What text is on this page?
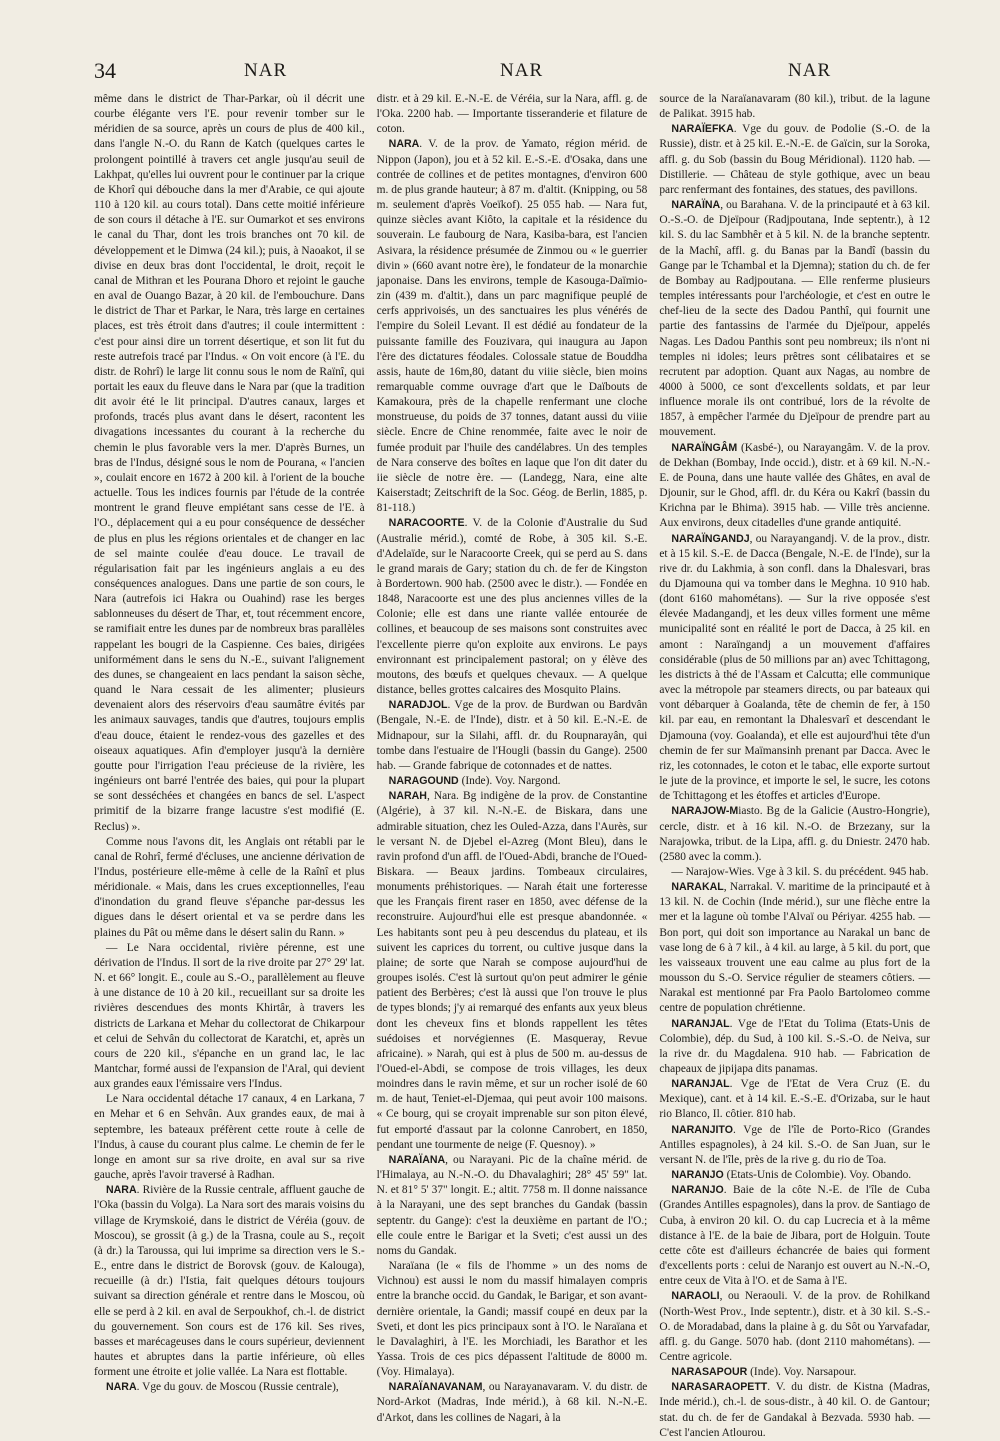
34	NAR	NAR	NAR

même dans le district de Thar-Parkar, où il décrit une courbe élégante vers l'E. pour revenir tomber sur le méridien de sa source, après un cours de plus de 400 kil., dans l'angle N.-O. du Rann de Katch (quelques cartes le prolongent pointillé à travers cet angle jusqu'au seuil de Lakhpat, qu'elles lui ouvrent pour le continuer par la crique de Khorî qui débouche dans la mer d'Arabie, ce qui ajoute 110 à 120 kil. au cours total). Dans cette moitié inférieure de son cours il détache à l'E. sur Oumarkot et ses environs le canal du Thar, dont les trois branches ont 70 kil. de développement et le Dimwa (24 kil.); puis, à Naoakot, il se divise en deux bras dont l'occidental, le droit, reçoit le canal de Mithran et les Pourana Dhoro et rejoint le gauche en aval de Ouango Bazar, à 20 kil. de l'embouchure. Dans le district de Thar et Parkar, le Nara, très large en certaines places, est très étroit dans d'autres; il coule intermittent : c'est pour ainsi dire un torrent désertique, et son lit fut du reste autrefois tracé par l'Indus. « On voit encore (à l'E. du distr. de Rohrî) le large lit connu sous le nom de Raïnî, qui portait les eaux du fleuve dans le Nara par (que la tradition dit avoir été le lit principal. D'autres canaux, larges et profonds, tracés plus avant dans le désert, racontent les divagations incessantes du courant à la recherche du chemin le plus favorable vers la mer. D'après Burnes, un bras de l'Indus, désigné sous le nom de Pourana, « l'ancien », coulait encore en 1672 à 200 kil. à l'orient de la bouche actuelle. Tous les indices fournis par l'étude de la contrée montrent le grand fleuve empiétant sans cesse de l'E. à l'O., déplacement qui a eu pour conséquence de dessécher de plus en plus les régions orientales et de changer en lac de sel mainte coulée d'eau douce. Le travail de régularisation fait par les ingénieurs anglais a eu des conséquences analogues. Dans une partie de son cours, le Nara (autrefois ici Hakra ou Ouahind) rase les berges sablonneuses du désert de Thar, et, tout récemment encore, se ramifiait entre les dunes par de nombreux bras parallèles rappelant les bougri de la Caspienne. Ces baies, dirigées uniformément dans le sens du N.-E., suivant l'alignement des dunes, se changeaient en lacs pendant la saison sèche, quand le Nara cessait de les alimenter; plusieurs devenaient alors des réservoirs d'eau saumâtre évités par les animaux sauvages, tandis que d'autres, toujours emplis d'eau douce, étaient le rendez-vous des gazelles et des oiseaux aquatiques. Afin d'employer jusqu'à la dernière goutte pour l'irrigation l'eau précieuse de la rivière, les ingénieurs ont barré l'entrée des baies, qui pour la plupart se sont desséchées et changées en bancs de sel. L'aspect primitif de la bizarre frange lacustre s'est modifié (E. Reclus) ».

Comme nous l'avons dit, les Anglais ont rétabli par le canal de Rohrî, fermé d'écluses, une ancienne dérivation de l'Indus, postérieure elle-même à celle de la Raînî et plus méridionale. « Mais, dans les crues exceptionnelles, l'eau d'inondation du grand fleuve s'épanche par-dessus les digues dans le désert oriental et va se perdre dans les plaines du Pât ou même dans le désert salin du Rann. »

— Le Nara occidental, rivière pérenne, est une dérivation de l'Indus. Il sort de la rive droite par 27° 29' lat. N. et 66° longit. E., coule au S.-O., parallèlement au fleuve à une distance de 10 à 20 kil., recueillant sur sa droite les rivières descendues des monts Khirtâr, à travers les districts de Larkana et Mehar du collectorat de Chikarpour et celui de Sehvân du collectorat de Karatchi, et, après un cours de 220 kil., s'épanche en un grand lac, le lac Mantchar, formé aussi de l'expansion de l'Aral, qui devient aux grandes eaux l'émissaire vers l'Indus.

Le Nara occidental détache 17 canaux, 4 en Larkana, 7 en Mehar et 6 en Sehvân. Aux grandes eaux, de mai à septembre, les bateaux préfèrent cette route à celle de l'Indus, à cause du courant plus calme. Le chemin de fer le longe en amont sur sa rive droite, en aval sur sa rive gauche, après l'avoir traversé à Radhan.

NARA. Rivière de la Russie centrale, affluent gauche de l'Oka (bassin du Volga). La Nara sort des marais voisins du village de Krymskoié, dans le district de Véréia (gouv. de Moscou), se grossit (à g.) de la Trasna, coule au S., reçoit (à dr.) la Taroussa, qui lui imprime sa direction vers le S.-E., entre dans le district de Borovsk (gouv. de Kalouga), recueille (à dr.) l'Istia, fait quelques détours toujours suivant sa direction générale et rentre dans le Moscou, où elle se perd à 2 kil. en aval de Serpoukhof, ch.-l. de district du gouvernement. Son cours est de 176 kil. Ses rives, basses et marécageuses dans le cours supérieur, deviennent hautes et abruptes dans la partie inférieure, où elles forment une étroite et jolie vallée. La Nara est flottable.

NARA. Vge du gouv. de Moscou (Russie centrale),

distr. et à 29 kil. E.-N.-E. de Véréia, sur la Nara, affl. g. de l'Oka. 2200 hab. — Importante tisseranderie et filature de coton.

NARA. V. de la prov. de Yamato, région mérid. de Nippon (Japon), jou et à 52 kil. E.-S.-E. d'Osaka, dans une contrée de collines et de petites montagnes, d'environ 600 m. de plus grande hauteur; à 87 m. d'altit. (Knipping, ou 58 m. seulement d'après Voeïkof). 25 055 hab. — Nara fut, quinze siècles avant Kiôto, la capitale et la résidence du souverain. Le faubourg de Nara, Kasiba-bara, est l'ancien Asivara, la résidence présumée de Zinmou ou « le guerrier divin » (660 avant notre ère), le fondateur de la monarchie japonaise. Dans les environs, temple de Kasouga-Daïmio-zin (439 m. d'altit.), dans un parc magnifique peuplé de cerfs apprivoisés, un des sanctuaires les plus vénérés de l'empire du Soleil Levant. Il est dédié au fondateur de la puissante famille des Fouzivara, qui inaugura au Japon l'ère des dictatures féodales. Colossale statue de Bouddha assis, haute de 16m,80, datant du viiie siècle, bien moins remarquable comme ouvrage d'art que le Daïbouts de Kamakoura, près de la chapelle renfermant une cloche monstrueuse, du poids de 37 tonnes, datant aussi du viiie siècle. Encre de Chine renommée, faite avec le noir de fumée produit par l'huile des candélabres. Un des temples de Nara conserve des boîtes en laque que l'on dit dater du iie siècle de notre ère. — (Landegg, Nara, eine alte Kaiserstadt; Zeitschrift de la Soc. Géog. de Berlin, 1885, p. 81-118.)

NARACOORTE. V. de la Colonie d'Australie du Sud (Australie mérid.), comté de Robe, à 305 kil. S.-E. d'Adelaïde, sur le Naracoorte Creek, qui se perd au S. dans le grand marais de Gary; station du ch. de fer de Kingston à Bordertown. 900 hab. (2500 avec le distr.). — Fondée en 1848, Naracoorte est une des plus anciennes villes de la Colonie; elle est dans une riante vallée entourée de collines, et beaucoup de ses maisons sont construites avec l'excellente pierre qu'on exploite aux environs. Le pays environnant est principalement pastoral; on y élève des moutons, des bœufs et quelques chevaux. — A quelque distance, belles grottes calcaires des Mosquito Plains.

NARADJOL. Vge de la prov. de Burdwan ou Bardvân (Bengale, N.-E. de l'Inde), distr. et à 50 kil. E.-N.-E. de Midnapour, sur la Silahi, affl. dr. du Roupnarayân, qui tombe dans l'estuaire de l'Hougli (bassin du Gange). 2500 hab. — Grande fabrique de cotonnades et de nattes.

NARAGOUND (Inde). Voy. Nargond.

NARAH, Nara. Bg indigène de la prov. de Constantine (Algérie), à 37 kil. N.-N.-E. de Biskara, dans une admirable situation, chez les Ouled-Azza, dans l'Aurès, sur le versant N. de Djebel el-Azreg (Mont Bleu), dans le ravin profond d'un affl. de l'Oued-Abdi, branche de l'Oued-Biskara. — Beaux jardins. Tombeaux circulaires, monuments préhistoriques. — Narah était une forteresse que les Français firent raser en 1850, avec défense de la reconstruire. Aujourd'hui elle est presque abandonnée. « Les habitants sont peu à peu descendus du plateau, et ils suivent les caprices du torrent, ou cultive jusque dans la plaine; de sorte que Narah se compose aujourd'hui de groupes isolés. C'est là surtout qu'on peut admirer le génie patient des Berbères; c'est là aussi que l'on trouve le plus de types blonds; j'y ai remarqué des enfants aux yeux bleus dont les cheveux fins et blonds rappellent les têtes suédoises et norvégiennes (E. Masqueray, Revue africaine). » Narah, qui est à plus de 500 m. au-dessus de l'Oued-el-Abdi, se compose de trois villages, les deux moindres dans le ravin même, et sur un rocher isolé de 60 m. de haut, Teniet-el-Djemaa, qui peut avoir 100 maisons. « Ce bourg, qui se croyait imprenable sur son piton élevé, fut emporté d'assaut par la colonne Canrobert, en 1850, pendant une tourmente de neige (F. Quesnoy). »

NARAÏANA, ou Narayani. Pic de la chaîne mérid. de l'Himalaya, au N.-N.-O. du Dhavalaghiri; 28° 45' 59" lat. N. et 81° 5' 37" longit. E.; altit. 7758 m. Il donne naissance à la Narayani, une des sept branches du Gandak (bassin septentr. du Gange): c'est la deuxième en partant de l'O.; elle coule entre le Barigar et la Sveti; c'est aussi un des noms du Gandak.

Naraïana (le « fils de l'homme » un des noms de Vichnou) est aussi le nom du massif himalayen compris entre la branche occid. du Gandak, le Barigar, et son avant-dernière orientale, la Gandi; massif coupé en deux par la Sveti, et dont les pics principaux sont à l'O. le Naraïana et le Davalaghiri, à l'E. les Morchiadi, les Barathor et les Yassa. Trois de ces pics dépassent l'altitude de 8000 m. (Voy. Himalaya).

NARAÏANAVANAM, ou Narayanavaram. V. du distr. de Nord-Arkot (Madras, Inde mérid.), à 68 kil. N.-N.-E. d'Arkot, dans les collines de Nagari, à la

source de la Naraïanavaram (80 kil.), tribut. de la lagune de Palikat. 3915 hab.

NARAÏEFKA. Vge du gouv. de Podolie (S.-O. de la Russie), distr. et à 25 kil. E.-N.-E. de Gaïcin, sur la Soroka, affl. g. du Sob (bassin du Boug Méridional). 1120 hab. — Distillerie. — Château de style gothique, avec un beau parc renfermant des fontaines, des statues, des pavillons.

NARAÏNA, ou Barahana. V. de la principauté et à 63 kil. O.-S.-O. de Djeïpour (Radjpoutana, Inde septentr.), à 12 kil. S. du lac Sambhêr et à 5 kil. N. de la branche septentr. de la Machî, affl. g. du Banas par la Bandî (bassin du Gange par le Tchambal et la Djemna); station du ch. de fer de Bombay au Radjpoutana. — Elle renferme plusieurs temples intéressants pour l'archéologie, et c'est en outre le chef-lieu de la secte des Dadou Panthî, qui fournit une partie des fantassins de l'armée du Djeïpour, appelés Nagas. Les Dadou Panthis sont peu nombreux; ils n'ont ni temples ni idoles; leurs prêtres sont célibataires et se recrutent par adoption. Quant aux Nagas, au nombre de 4000 à 5000, ce sont d'excellents soldats, et par leur influence morale ils ont contribué, lors de la révolte de 1857, à empêcher l'armée du Djeïpour de prendre part au mouvement.

NARAÏNGÂM (Kasbé-), ou Narayangâm. V. de la prov. de Dekhan (Bombay, Inde occid.), distr. et à 69 kil. N.-N.-E. de Pouna, dans une haute vallée des Ghâtes, en aval de Djounir, sur le Ghod, affl. dr. du Kéra ou Kakrî (bassin du Krichna par le Bhima). 3915 hab. — Ville très ancienne. Aux environs, deux citadelles d'une grande antiquité.

NARAÏNGANDJ, ou Narayangandj. V. de la prov., distr. et à 15 kil. S.-E. de Dacca (Bengale, N.-E. de l'Inde), sur la rive dr. du Lakhmia, à son confl. dans la Dhalesvari, bras du Djamouna qui va tomber dans le Meghna. 10 910 hab. (dont 6160 mahométans). — Sur la rive opposée s'est élevée Madangandj, et les deux villes forment une même municipalité sont en réalité le port de Dacca, à 25 kil. en amont : Naraïngandj a un mouvement d'affaires considérable (plus de 50 millions par an) avec Tchittagong, les districts à thé de l'Assam et Calcutta; elle communique avec la métropole par steamers directs, ou par bateaux qui vont débarquer à Goalanda, tête de chemin de fer, à 150 kil. par eau, en remontant la Dhalesvarî et descendant le Djamouna (voy. Goalanda), et elle est aujourd'hui tête d'un chemin de fer sur Maïmansinh prenant par Dacca. Avec le riz, les cotonnades, le coton et le tabac, elle exporte surtout le jute de la province, et importe le sel, le sucre, les cotons de Tchittagong et les étoffes et articles d'Europe.

NARAJOW-Miasto. Bg de la Galicie (Austro-Hongrie), cercle, distr. et à 16 kil. N.-O. de Brzezany, sur la Narajowka, tribut. de la Lipa, affl. g. du Dniestr. 2470 hab. (2580 avec la comm.).

— Narajow-Wies. Vge à 3 kil. S. du précédent. 945 hab.

NARAKAL, Narrakal. V. maritime de la principauté et à 13 kil. N. de Cochin (Inde mérid.), sur une flèche entre la mer et la lagune où tombe l'Alvaï ou Périyar. 4255 hab. — Bon port, qui doit son importance au Narakal un banc de vase long de 6 à 7 kil., à 4 kil. au large, à 5 kil. du port, que les vaisseaux trouvent une eau calme au plus fort de la mousson du S.-O. Service régulier de steamers côtiers. — Narakal est mentionné par Fra Paolo Bartolomeo comme centre de population chrétienne.

NARANJAL. Vge de l'Etat du Tolima (Etats-Unis de Colombie), dép. du Sud, à 100 kil. S.-S.-O. de Neiva, sur la rive dr. du Magdalena. 910 hab. — Fabrication de chapeaux de jipijapa dits panamas.

NARANJAL. Vge de l'Etat de Vera Cruz (E. du Mexique), cant. et à 14 kil. E.-S.-E. d'Orizaba, sur le haut rio Blanco, Il. côtier. 810 hab.

NARANJITO. Vge de l'île de Porto-Rico (Grandes Antilles espagnoles), à 24 kil. S.-O. de San Juan, sur le versant N. de l'île, près de la rive g. du rio de Toa.

NARANJO (Etats-Unis de Colombie). Voy. Obando.

NARANJO. Baie de la côte N.-E. de l'île de Cuba (Grandes Antilles espagnoles), dans la prov. de Santiago de Cuba, à environ 20 kil. O. du cap Lucrecia et à la même distance à l'E. de la baie de Jibara, port de Holguin. Toute cette côte est d'ailleurs échancrée de baies qui forment d'excellents ports : celui de Naranjo est ouvert au N.-N.-O, entre ceux de Vita à l'O. et de Sama à l'E.

NARAOLI, ou Neraouli. V. de la prov. de Rohilkand (North-West Prov., Inde septentr.), distr. et à 30 kil. S.-S.-O. de Moradabad, dans la plaine à g. du Sôt ou Yarvafadar, affl. g. du Gange. 5070 hab. (dont 2110 mahométans). — Centre agricole.

NARASAPOUR (Inde). Voy. Narsapour.

NARASARAOPETT. V. du distr. de Kistna (Madras, Inde mérid.), ch.-l. de sous-distr., à 40 kil. O. de Gantour; stat. du ch. de fer de Gandakal à Bezvada. 5930 hab. — C'est l'ancien Atlourou.
